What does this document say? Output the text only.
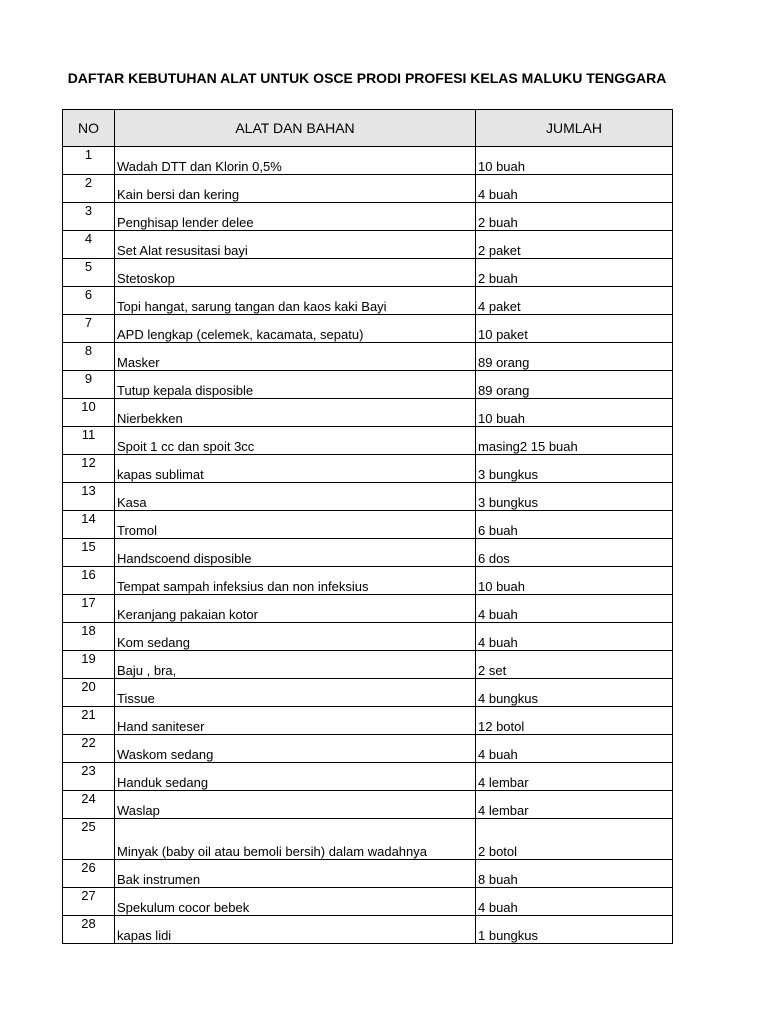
DAFTAR KEBUTUHAN ALAT UNTUK OSCE PRODI PROFESI KELAS MALUKU TENGGARA
NO	ALAT DAN BAHAN	JUMLAH
1	Wadah DTT dan Klorin 0,5%	10 buah
2	Kain bersi dan kering	4 buah
3	Penghisap lender delee	2 buah
4	Set Alat resusitasi bayi	2 paket
5	Stetoskop	2 buah
6	Topi hangat, sarung tangan dan kaos kaki Bayi	4 paket
7	APD lengkap (celemek, kacamata, sepatu)	10 paket
8	Masker	89 orang
9	Tutup kepala disposible	89 orang
10	Nierbekken	10 buah
11	Spoit 1 cc dan spoit 3cc	masing2 15 buah
12	kapas sublimat	3 bungkus
13	Kasa	3 bungkus
14	Tromol	6 buah
15	Handscoend disposible	6 dos
16	Tempat sampah infeksius dan non infeksius	10 buah
17	Keranjang pakaian kotor	4 buah
18	Kom sedang	4 buah
19	Baju , bra,	2 set
20	Tissue	4 bungkus
21	Hand saniteser	12 botol
22	Waskom sedang	4 buah
23	Handuk sedang	4 lembar
24	Waslap	4 lembar
25	Minyak (baby oil atau bemoli bersih) dalam wadahnya	2 botol
26	Bak instrumen	8 buah
27	Spekulum cocor bebek	4 buah
28	kapas lidi	1 bungkus
